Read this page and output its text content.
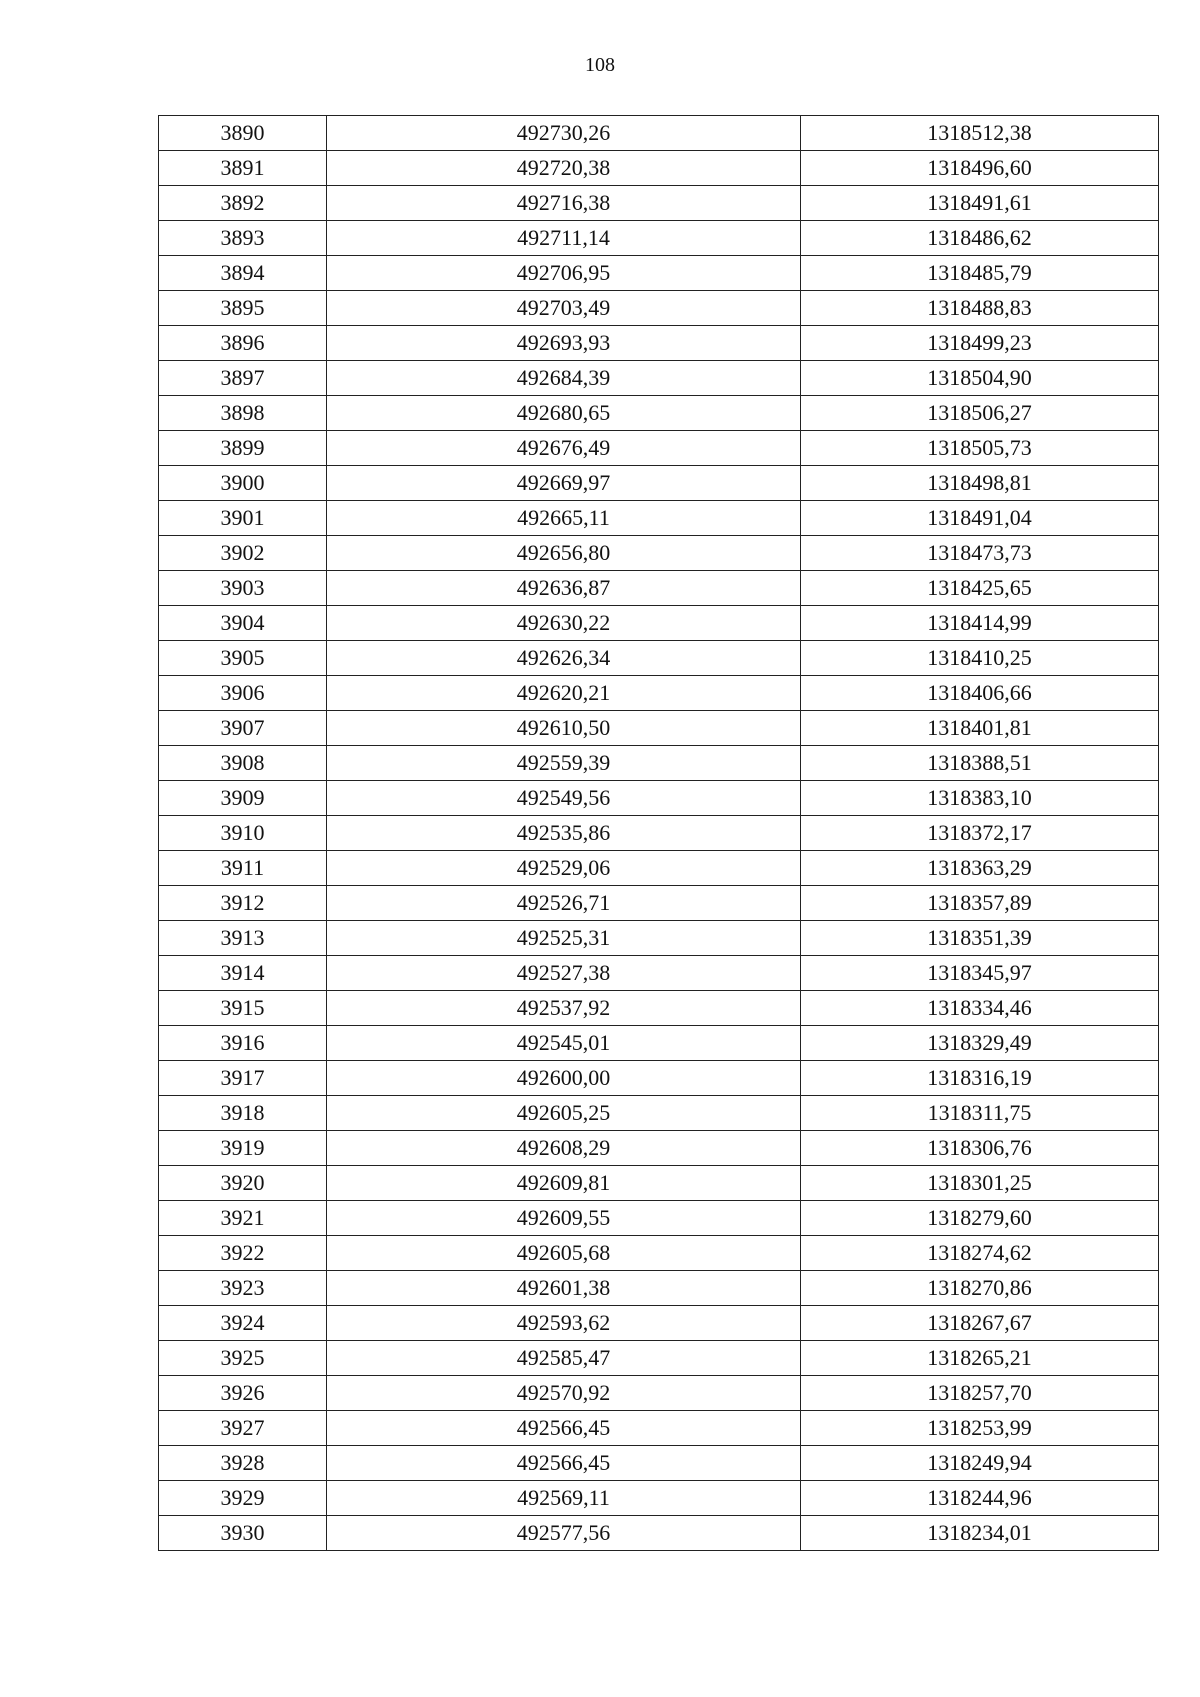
108
3890	492730,26	1318512,38
3891	492720,38	1318496,60
3892	492716,38	1318491,61
3893	492711,14	1318486,62
3894	492706,95	1318485,79
3895	492703,49	1318488,83
3896	492693,93	1318499,23
3897	492684,39	1318504,90
3898	492680,65	1318506,27
3899	492676,49	1318505,73
3900	492669,97	1318498,81
3901	492665,11	1318491,04
3902	492656,80	1318473,73
3903	492636,87	1318425,65
3904	492630,22	1318414,99
3905	492626,34	1318410,25
3906	492620,21	1318406,66
3907	492610,50	1318401,81
3908	492559,39	1318388,51
3909	492549,56	1318383,10
3910	492535,86	1318372,17
3911	492529,06	1318363,29
3912	492526,71	1318357,89
3913	492525,31	1318351,39
3914	492527,38	1318345,97
3915	492537,92	1318334,46
3916	492545,01	1318329,49
3917	492600,00	1318316,19
3918	492605,25	1318311,75
3919	492608,29	1318306,76
3920	492609,81	1318301,25
3921	492609,55	1318279,60
3922	492605,68	1318274,62
3923	492601,38	1318270,86
3924	492593,62	1318267,67
3925	492585,47	1318265,21
3926	492570,92	1318257,70
3927	492566,45	1318253,99
3928	492566,45	1318249,94
3929	492569,11	1318244,96
3930	492577,56	1318234,01
